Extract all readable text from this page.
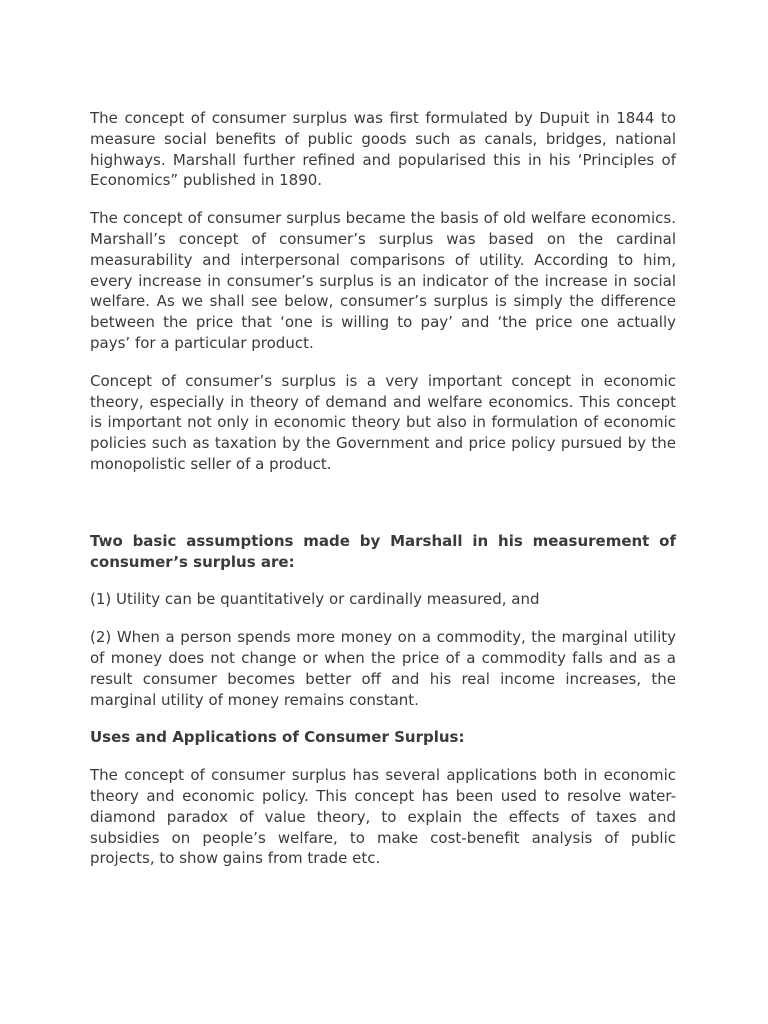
The concept of consumer surplus was first formulated by Dupuit in 1844 to measure social benefits of public goods such as canals, bridges, national highways. Marshall further refined and popularised this in his ‘Principles of Economics” published in 1890.

The concept of consumer surplus became the basis of old welfare economics. Marshall’s concept of consumer’s surplus was based on the cardinal measurability and interpersonal comparisons of utility. According to him, every increase in consumer’s surplus is an indicator of the increase in social welfare. As we shall see below, consumer’s surplus is simply the difference between the price that ‘one is willing to pay’ and ‘the price one actually pays’ for a particular product.

Concept of consumer’s surplus is a very important concept in economic theory, especially in theory of demand and welfare economics. This concept is important not only in economic theory but also in formulation of economic policies such as taxation by the Government and price policy pursued by the monopolistic seller of a product.

Two basic assumptions made by Marshall in his measurement of consumer’s surplus are:

(1) Utility can be quantitatively or cardinally measured, and

(2) When a person spends more money on a commodity, the marginal utility of money does not change or when the price of a commodity falls and as a result consumer becomes better off and his real income increases, the marginal utility of money remains constant.

Uses and Applications of Consumer Surplus:

The concept of consumer surplus has several applications both in economic theory and economic policy. This concept has been used to resolve water-diamond paradox of value theory, to explain the effects of taxes and subsidies on people’s welfare, to make cost-benefit analysis of public projects, to show gains from trade etc.
